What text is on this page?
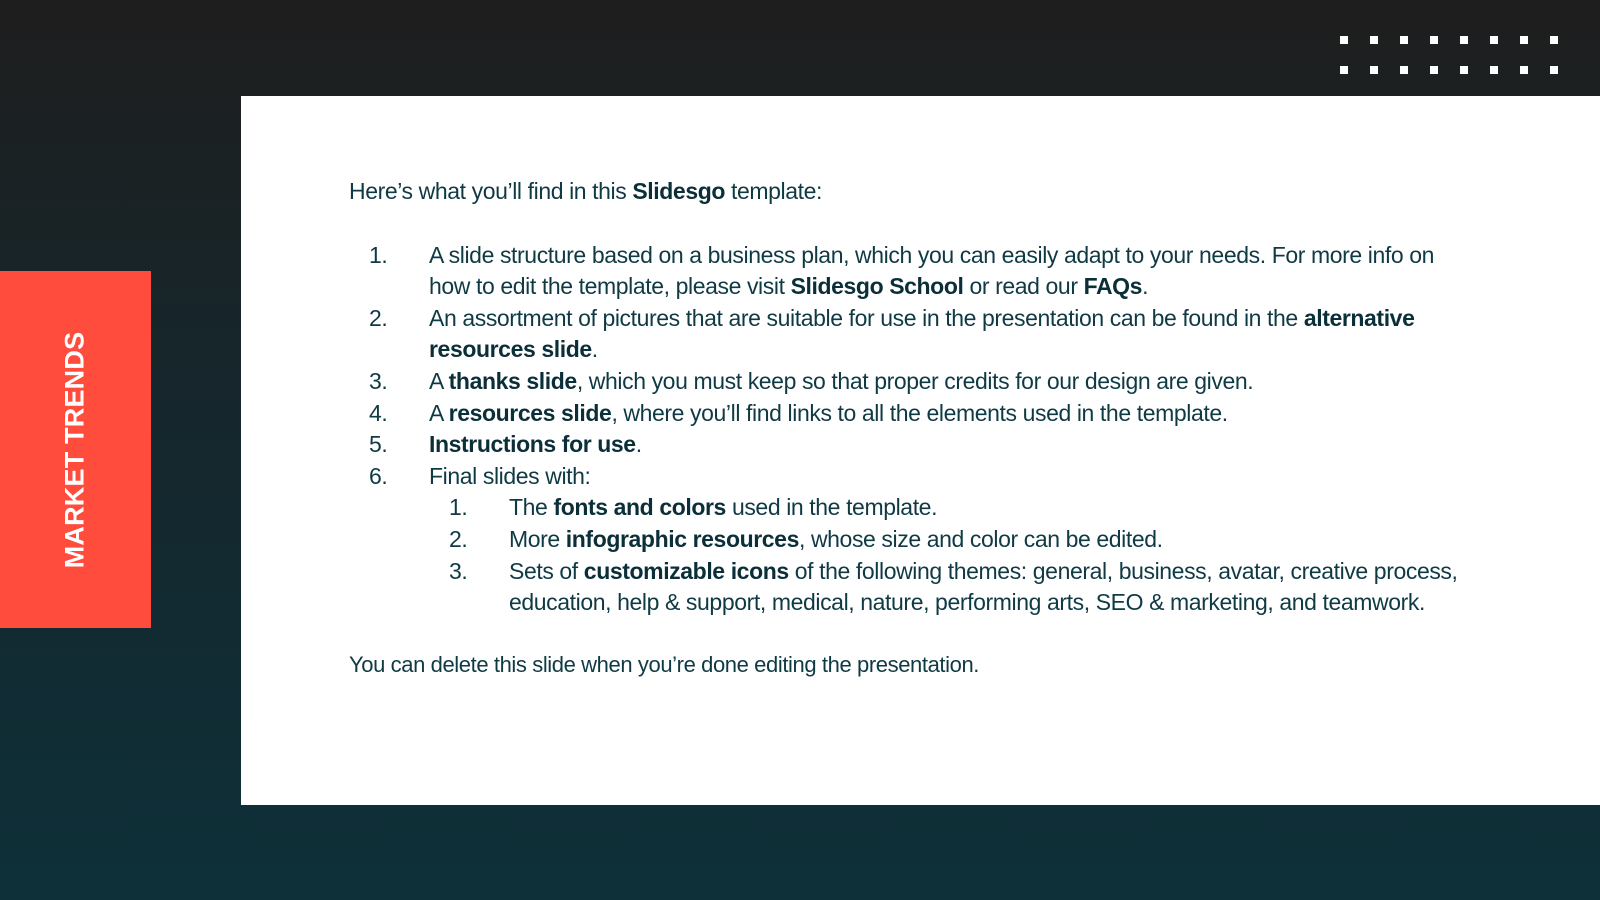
MARKET TRENDS

Here’s what you’ll find in this Slidesgo template:

1.	A slide structure based on a business plan, which you can easily adapt to your needs. For more info on how to edit the template, please visit Slidesgo School or read our FAQs.
2.	An assortment of pictures that are suitable for use in the presentation can be found in the alternative resources slide.
3.	A thanks slide, which you must keep so that proper credits for our design are given.
4.	A resources slide, where you’ll find links to all the elements used in the template.
5.	Instructions for use.
6.	Final slides with:
1.	The fonts and colors used in the template.
2.	More infographic resources, whose size and color can be edited.
3.	Sets of customizable icons of the following themes: general, business, avatar, creative process, education, help & support, medical, nature, performing arts, SEO & marketing, and teamwork.

You can delete this slide when you’re done editing the presentation.
